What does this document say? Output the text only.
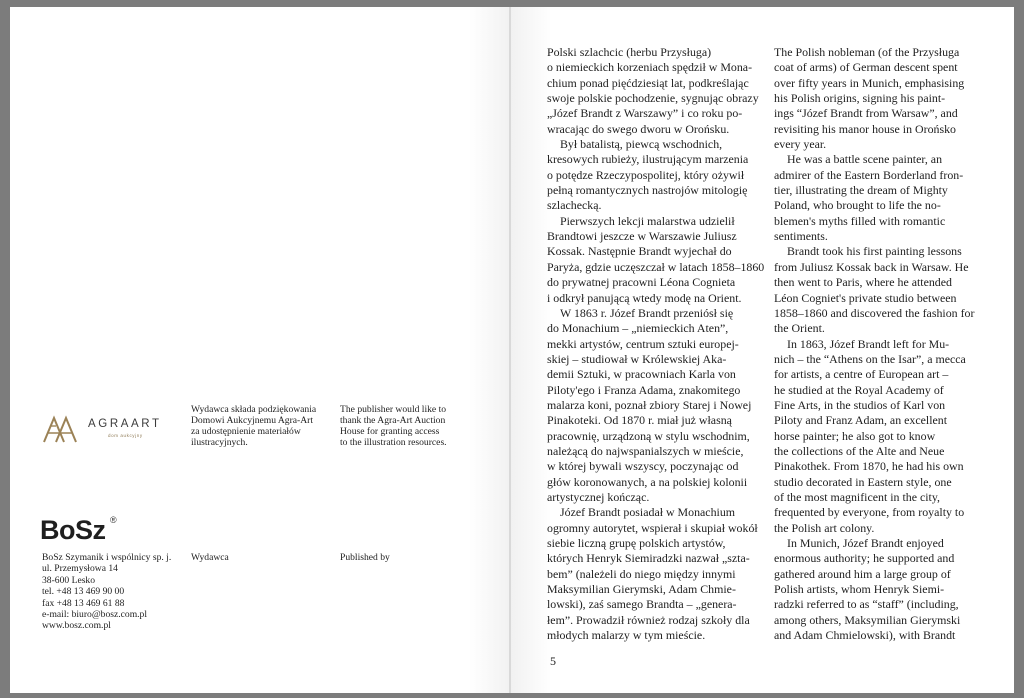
AGRAART
dom aukcyjny
Wydawca składa podziękowania
Domowi Aukcyjnemu Agra-Art
za udostępnienie materiałów
ilustracyjnych.
The publisher would like to
thank the Agra-Art Auction
House for granting access
to the illustration resources.
BoSz ®
BoSz Szymanik i wspólnicy sp. j.
ul. Przemysłowa 14
38-600 Lesko
tel. +48 13 469 90 00
fax +48 13 469 61 88
e-mail: biuro@bosz.com.pl
www.bosz.com.pl
Wydawca	Published by
Polski szlachcic (herbu Przysługa)
o niemieckich korzeniach spędził w Mona-
chium ponad pięćdziesiąt lat, podkreślając
swoje polskie pochodzenie, sygnując obrazy
„Józef Brandt z Warszawy” i co roku po-
wracając do swego dworu w Orońsku.
Był batalistą, piewcą wschodnich,
kresowych rubieży, ilustrującym marzenia
o potędze Rzeczypospolitej, który ożywił
pełną romantycznych nastrojów mitologię
szlachecką.
Pierwszych lekcji malarstwa udzielił
Brandtowi jeszcze w Warszawie Juliusz
Kossak. Następnie Brandt wyjechał do
Paryża, gdzie uczęszczał w latach 1858–1860
do prywatnej pracowni Léona Cognieta
i odkrył panującą wtedy modę na Orient.
W 1863 r. Józef Brandt przeniósł się
do Monachium – „niemieckich Aten”,
mekki artystów, centrum sztuki europej-
skiej – studiował w Królewskiej Aka-
demii Sztuki, w pracowniach Karla von
Piloty'ego i Franza Adama, znakomitego
malarza koni, poznał zbiory Starej i Nowej
Pinakoteki. Od 1870 r. miał już własną
pracownię, urządzoną w stylu wschodnim,
należącą do najwspanialszych w mieście,
w której bywali wszyscy, poczynając od
głów koronowanych, a na polskiej kolonii
artystycznej kończąc.
Józef Brandt posiadał w Monachium
ogromny autorytet, wspierał i skupiał wokół
siebie liczną grupę polskich artystów,
których Henryk Siemiradzki nazwał „szta-
bem” (należeli do niego między innymi
Maksymilian Gierymski, Adam Chmie-
lowski), zaś samego Brandta – „genera-
łem”. Prowadził również rodzaj szkoły dla
młodych malarzy w tym mieście.
The Polish nobleman (of the Przysługa
coat of arms) of German descent spent
over fifty years in Munich, emphasising
his Polish origins, signing his paint-
ings “Józef Brandt from Warsaw”, and
revisiting his manor house in Orońsko
every year.
He was a battle scene painter, an
admirer of the Eastern Borderland fron-
tier, illustrating the dream of Mighty
Poland, who brought to life the no-
blemen's myths filled with romantic
sentiments.
Brandt took his first painting lessons
from Juliusz Kossak back in Warsaw. He
then went to Paris, where he attended
Léon Cogniet's private studio between
1858–1860 and discovered the fashion for
the Orient.
In 1863, Józef Brandt left for Mu-
nich – the “Athens on the Isar”, a mecca
for artists, a centre of European art –
he studied at the Royal Academy of
Fine Arts, in the studios of Karl von
Piloty and Franz Adam, an excellent
horse painter; he also got to know
the collections of the Alte and Neue
Pinakothek. From 1870, he had his own
studio decorated in Eastern style, one
of the most magnificent in the city,
frequented by everyone, from royalty to
the Polish art colony.
In Munich, Józef Brandt enjoyed
enormous authority; he supported and
gathered around him a large group of
Polish artists, whom Henryk Siemi-
radzki referred to as “staff” (including,
among others, Maksymilian Gierymski
and Adam Chmielowski), with Brandt
5
